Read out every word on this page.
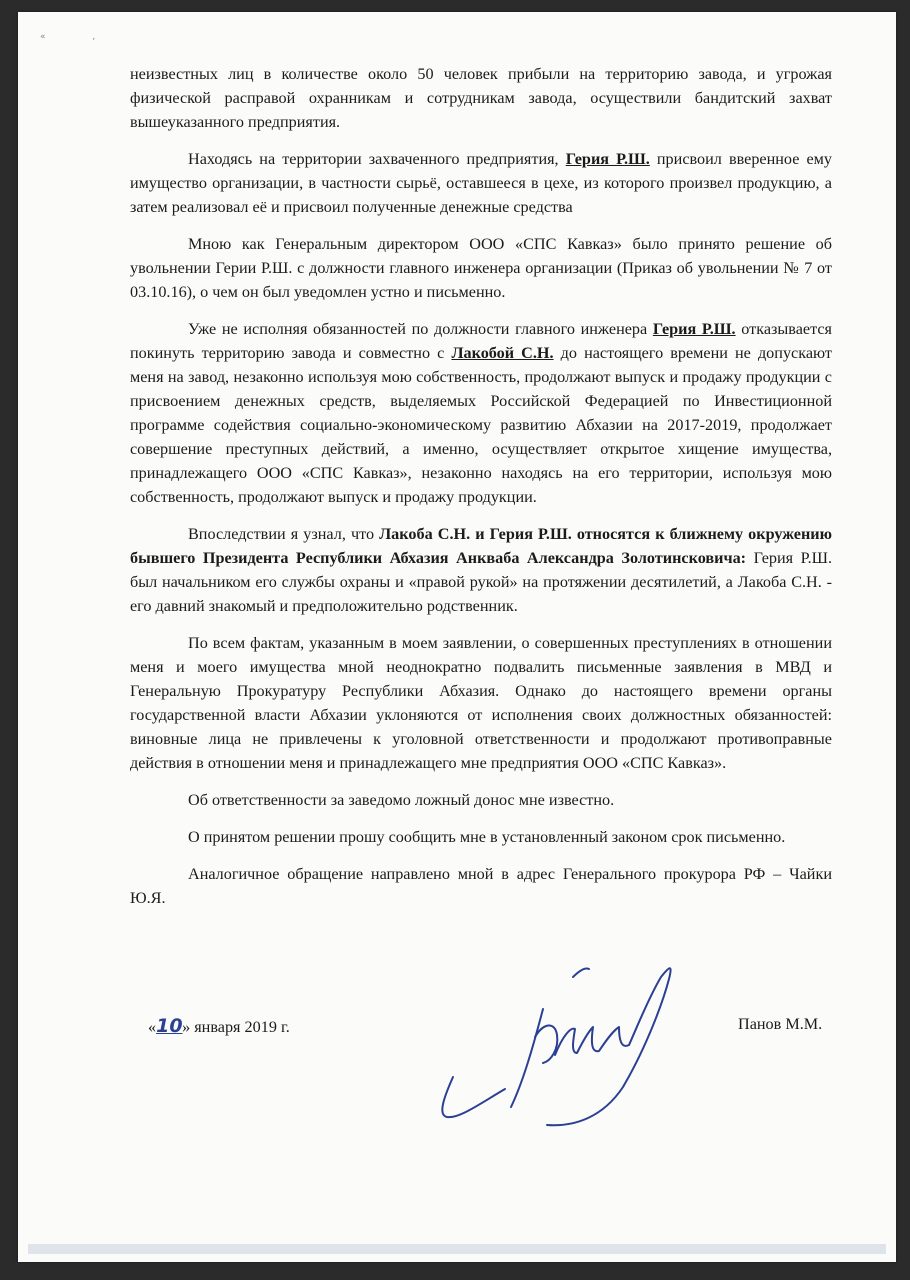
« ,

неизвестных лиц в количестве около 50 человек прибыли на территорию завода, и угрожая физической расправой охранникам и сотрудникам завода, осуществили бандитский захват вышеуказанного предприятия.

Находясь на территории захваченного предприятия, Герия Р.Ш. присвоил вверенное ему имущество организации, в частности сырьё, оставшееся в цехе, из которого произвел продукцию, а затем реализовал её и присвоил полученные денежные средства

Мною как Генеральным директором ООО «СПС Кавказ» было принято решение об увольнении Герии Р.Ш. с должности главного инженера организации (Приказ об увольнении № 7 от 03.10.16), о чем он был уведомлен устно и письменно.

Уже не исполняя обязанностей по должности главного инженера Герия Р.Ш. отказывается покинуть территорию завода и совместно с Лакобой С.Н. до настоящего времени не допускают меня на завод, незаконно используя мою собственность, продолжают выпуск и продажу продукции с присвоением денежных средств, выделяемых Российской Федерацией по Инвестиционной программе содействия социально-экономическому развитию Абхазии на 2017-2019, продолжает совершение преступных действий, а именно, осуществляет открытое хищение имущества, принадлежащего ООО «СПС Кавказ», незаконно находясь на его территории, используя мою собственность, продолжают выпуск и продажу продукции.

Впоследствии я узнал, что Лакоба С.Н. и Герия Р.Ш. относятся к ближнему окружению бывшего Президента Республики Абхазия Анкваба Александра Золотинсковича: Герия Р.Ш. был начальником его службы охраны и «правой рукой» на протяжении десятилетий, а Лакоба С.Н. - его давний знакомый и предположительно родственник.

По всем фактам, указанным в моем заявлении, о совершенных преступлениях в отношении меня и моего имущества мной неоднократно подвалить письменные заявления в МВД и Генеральную Прокуратуру Республики Абхазия. Однако до настоящего времени органы государственной власти Абхазии уклоняются от исполнения своих должностных обязанностей: виновные лица не привлечены к уголовной ответственности и продолжают противоправные действия в отношении меня и принадлежащего мне предприятия ООО «СПС Кавказ».

Об ответственности за заведомо ложный донос мне известно.

О принятом решении прошу сообщить мне в установленный законом срок письменно.

Аналогичное обращение направлено мной в адрес Генерального прокурора РФ – Чайки Ю.Я.

«10» января 2019 г.	Панов М.М.
